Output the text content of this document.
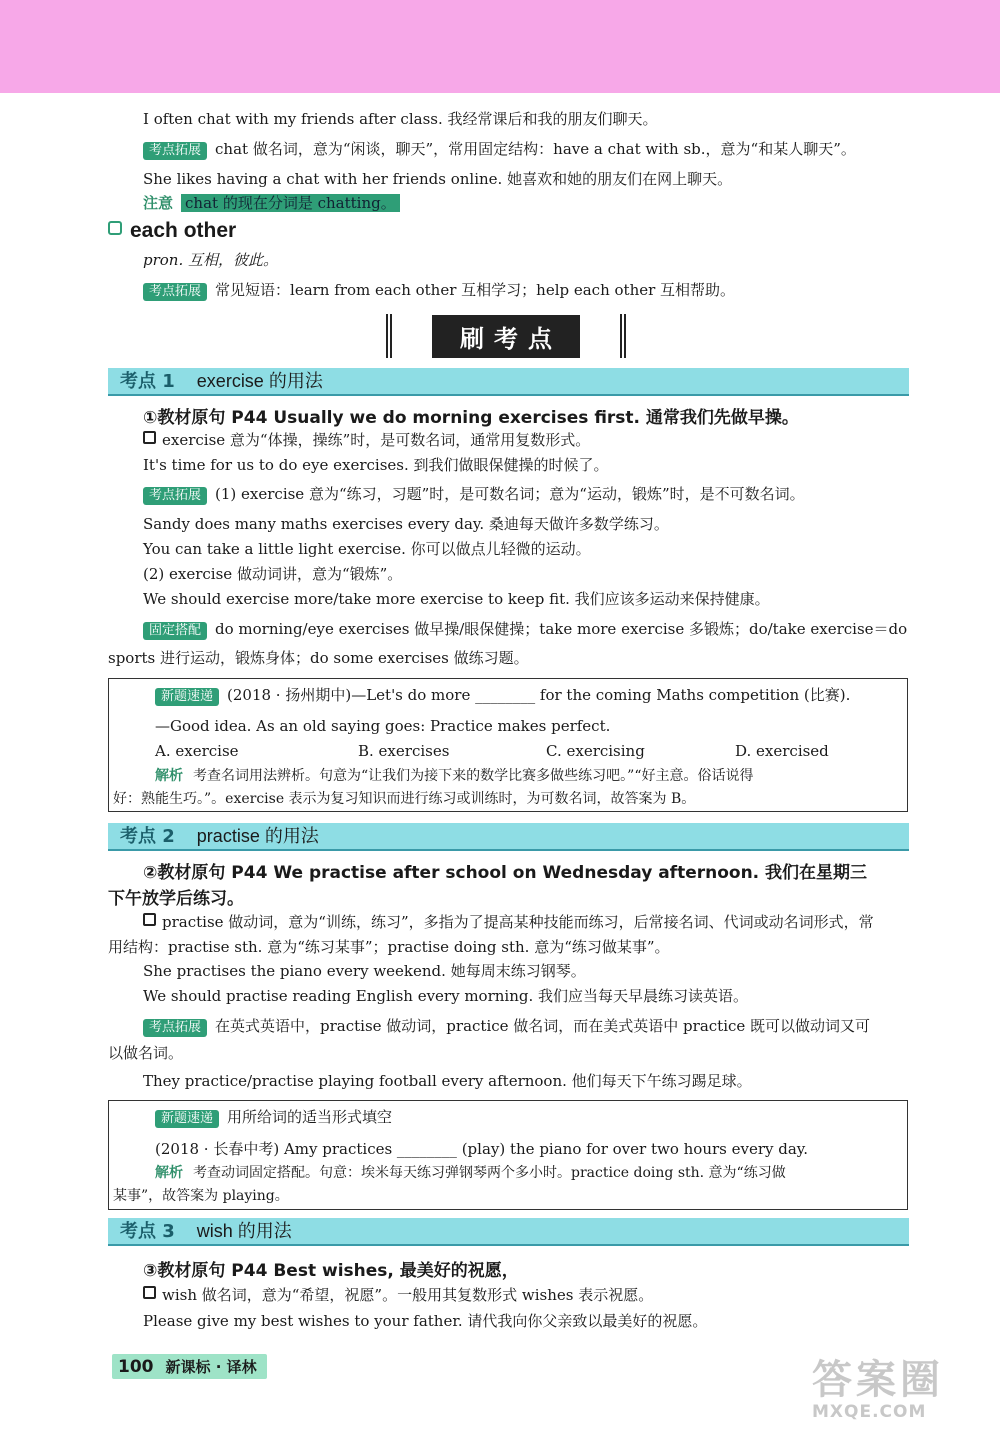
I often chat with my friends after class. 我经常课后和我的朋友们聊天。
考点拓展 chat 做名词，意为“闲谈，聊天”，常用固定结构：have a chat with sb.，意为“和某人聊天”。
She likes having a chat with her friends online. 她喜欢和她的朋友们在网上聊天。
注意 chat 的现在分词是 chatting。
each other
pron. 互相，彼此。
考点拓展 常见短语：learn from each other 互相学习；help each other 互相帮助。
刷考点
考点 1 exercise 的用法
①教材原句 P44 Usually we do morning exercises first. 通常我们先做早操。
exercise 意为“体操，操练”时，是可数名词，通常用复数形式。
It's time for us to do eye exercises. 到我们做眼保健操的时候了。
考点拓展 (1) exercise 意为“练习，习题”时，是可数名词；意为“运动，锻炼”时，是不可数名词。
Sandy does many maths exercises every day. 桑迪每天做许多数学练习。
You can take a little light exercise. 你可以做点儿轻微的运动。
(2) exercise 做动词讲，意为“锻炼”。
We should exercise more/take more exercise to keep fit. 我们应该多运动来保持健康。
固定搭配 do morning/eye exercises 做早操/眼保健操；take more exercise 多锻炼；do/take exercise＝do
sports 进行运动，锻炼身体；do some exercises 做练习题。
新题速递 (2018 · 扬州期中)—Let's do more ________ for the coming Maths competition (比赛).
—Good idea. As an old saying goes: Practice makes perfect.
A. exercise	B. exercises	C. exercising	D. exercised
解析 考查名词用法辨析。句意为“让我们为接下来的数学比赛多做些练习吧。”“好主意。俗话说得
好：熟能生巧。”。exercise 表示为复习知识而进行练习或训练时，为可数名词，故答案为 B。
考点 2 practise 的用法
②教材原句 P44 We practise after school on Wednesday afternoon. 我们在星期三
下午放学后练习。
practise 做动词，意为“训练，练习”，多指为了提高某种技能而练习，后常接名词、代词或动名词形式，常
用结构：practise sth. 意为“练习某事”；practise doing sth. 意为“练习做某事”。
She practises the piano every weekend. 她每周末练习钢琴。
We should practise reading English every morning. 我们应当每天早晨练习读英语。
考点拓展 在英式英语中，practise 做动词，practice 做名词，而在美式英语中 practice 既可以做动词又可
以做名词。
They practice/practise playing football every afternoon. 他们每天下午练习踢足球。
新题速递 用所给词的适当形式填空
(2018 · 长春中考) Amy practices ________ (play) the piano for over two hours every day.
解析 考查动词固定搭配。句意：埃米每天练习弹钢琴两个多小时。practice doing sth. 意为“练习做
某事”，故答案为 playing。
考点 3 wish 的用法
③教材原句 P44 Best wishes, 最美好的祝愿，
wish 做名词，意为“希望，祝愿”。一般用其复数形式 wishes 表示祝愿。
Please give my best wishes to your father. 请代我向你父亲致以最美好的祝愿。
100 新课标 · 译林	答案圈
MXQE.COM
